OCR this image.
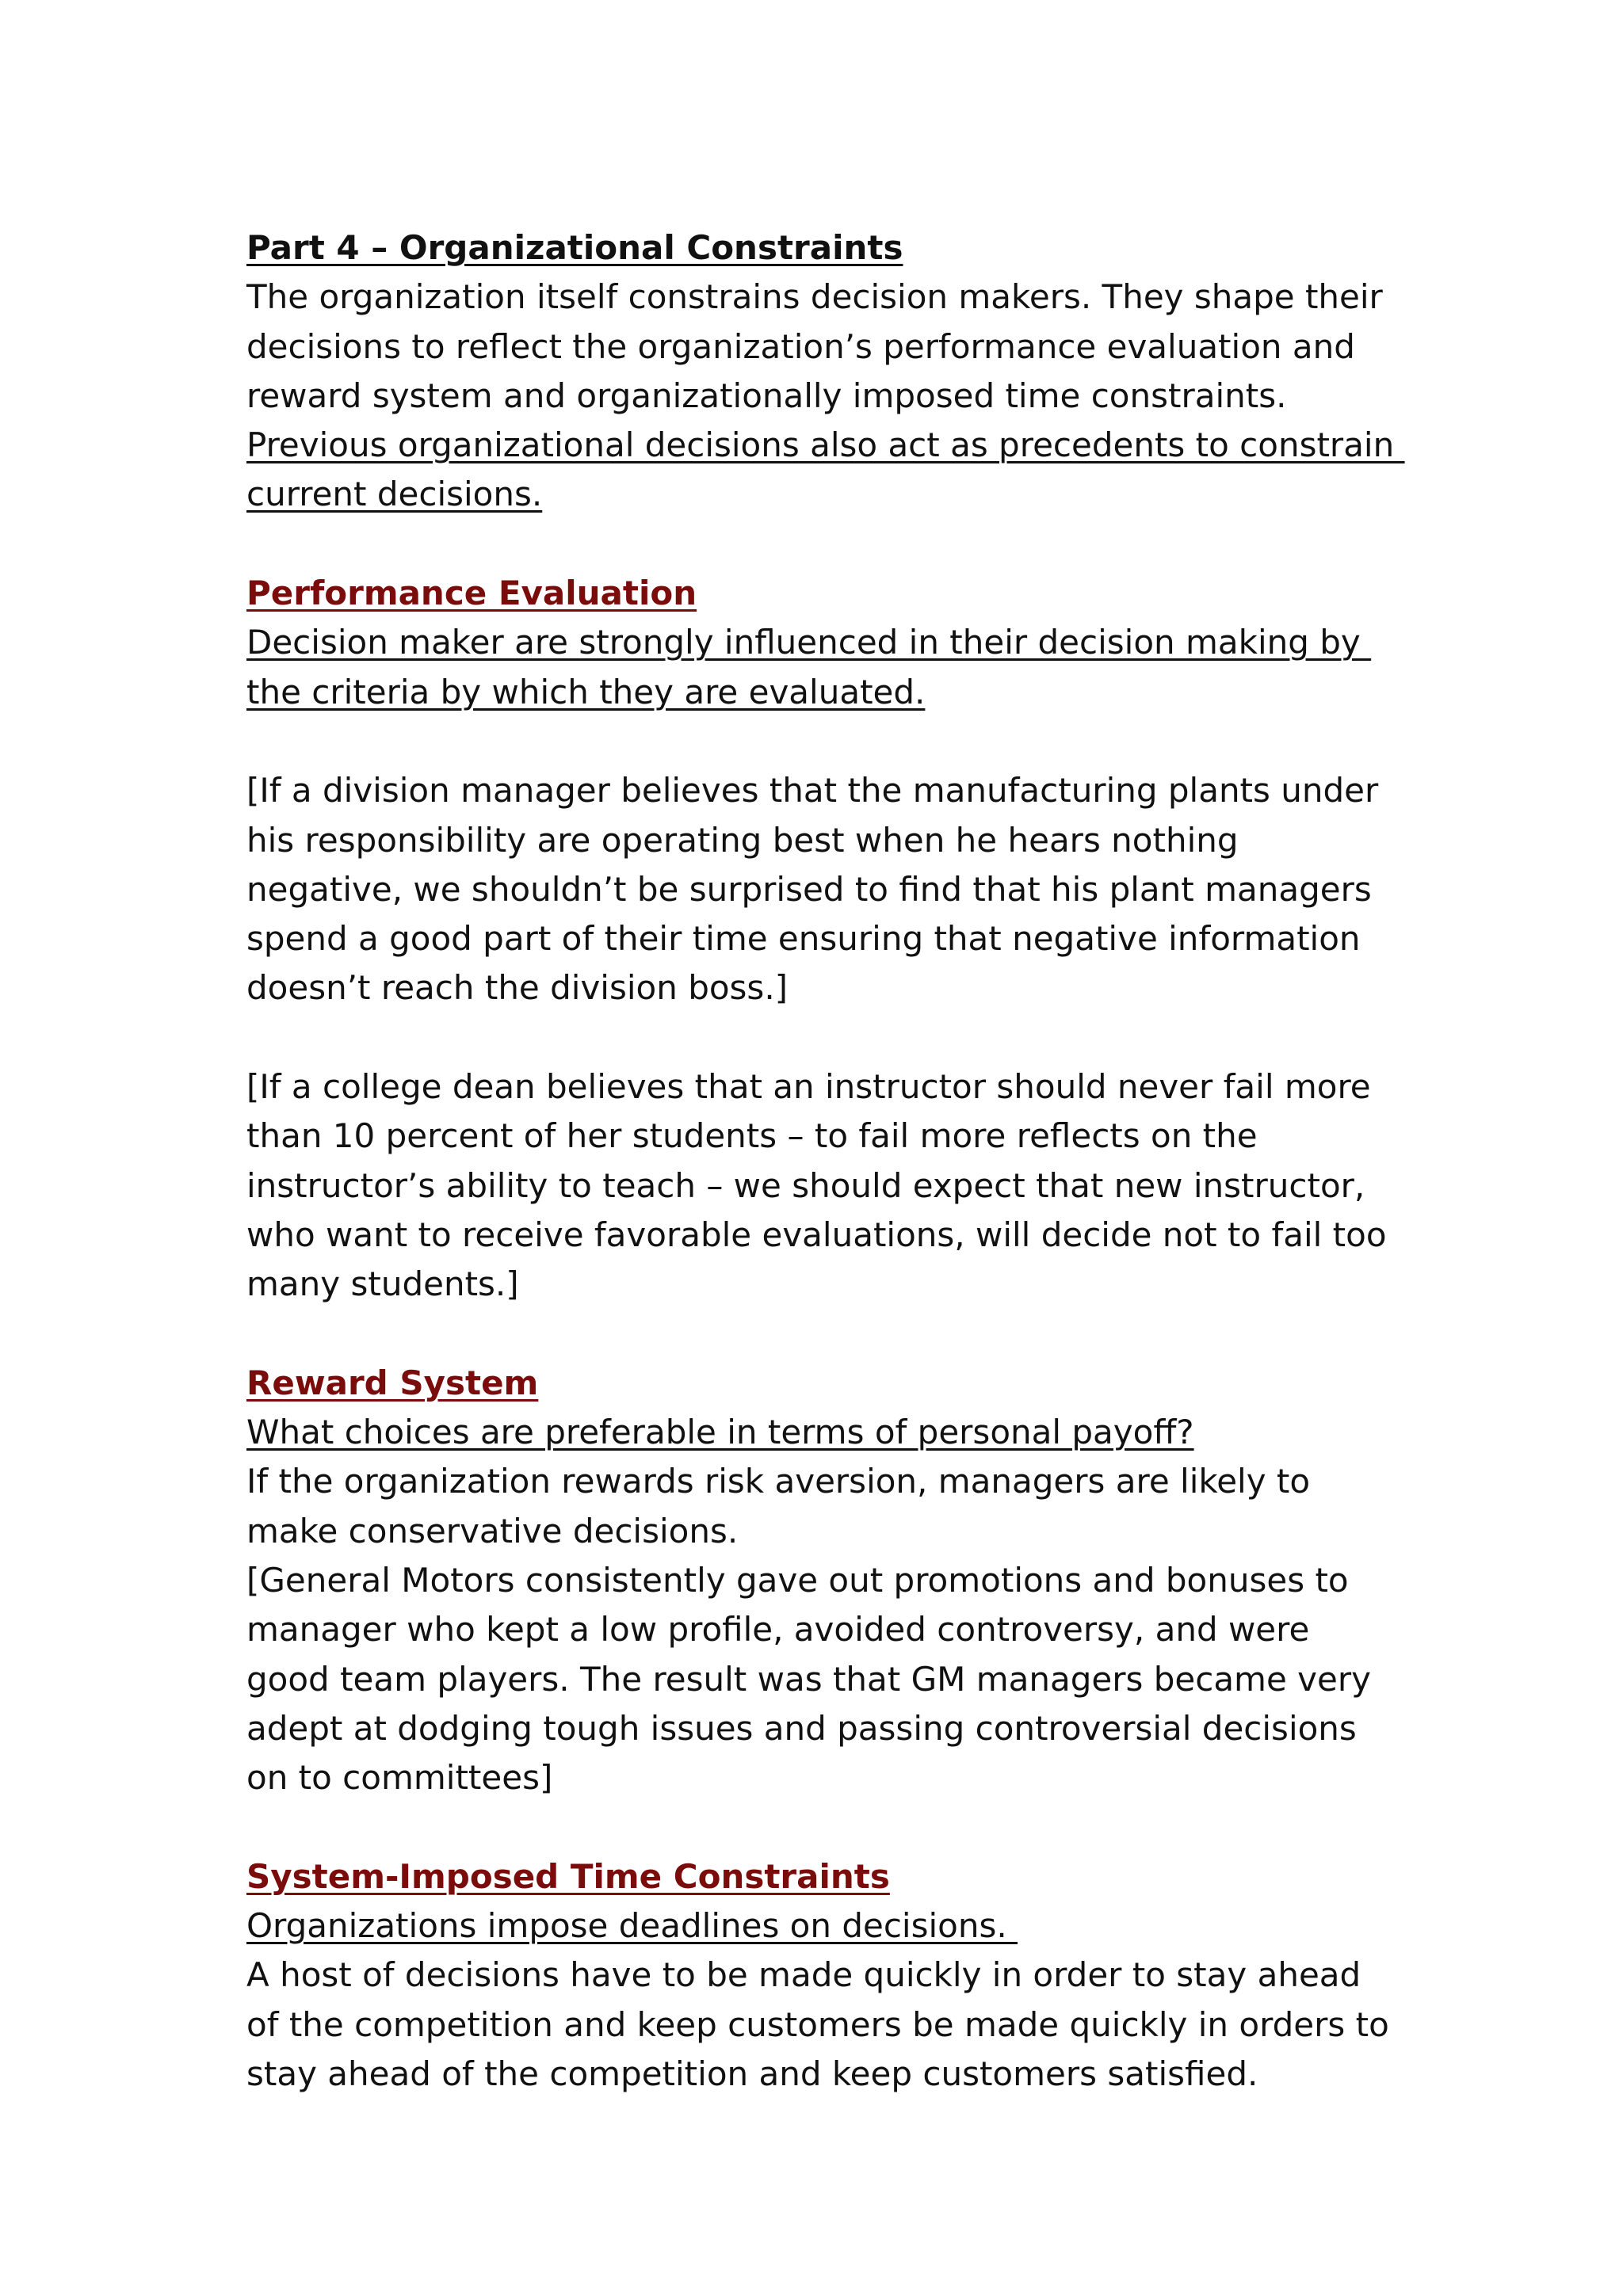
Part 4 – Organizational Constraints
The organization itself constrains decision makers. They shape their
decisions to reflect the organization’s performance evaluation and
reward system and organizationally imposed time constraints.
Previous organizational decisions also act as precedents to constrain
current decisions.
Performance Evaluation
Decision maker are strongly influenced in their decision making by
the criteria by which they are evaluated.
[If a division manager believes that the manufacturing plants under
his responsibility are operating best when he hears nothing
negative, we shouldn’t be surprised to find that his plant managers
spend a good part of their time ensuring that negative information
doesn’t reach the division boss.]
[If a college dean believes that an instructor should never fail more
than 10 percent of her students – to fail more reflects on the
instructor’s ability to teach – we should expect that new instructor,
who want to receive favorable evaluations, will decide not to fail too
many students.]
Reward System
What choices are preferable in terms of personal payoff?
If the organization rewards risk aversion, managers are likely to
make conservative decisions.
[General Motors consistently gave out promotions and bonuses to
manager who kept a low profile, avoided controversy, and were
good team players. The result was that GM managers became very
adept at dodging tough issues and passing controversial decisions
on to committees]
System-Imposed Time Constraints
Organizations impose deadlines on decisions.
A host of decisions have to be made quickly in order to stay ahead
of the competition and keep customers be made quickly in orders to
stay ahead of the competition and keep customers satisfied.
